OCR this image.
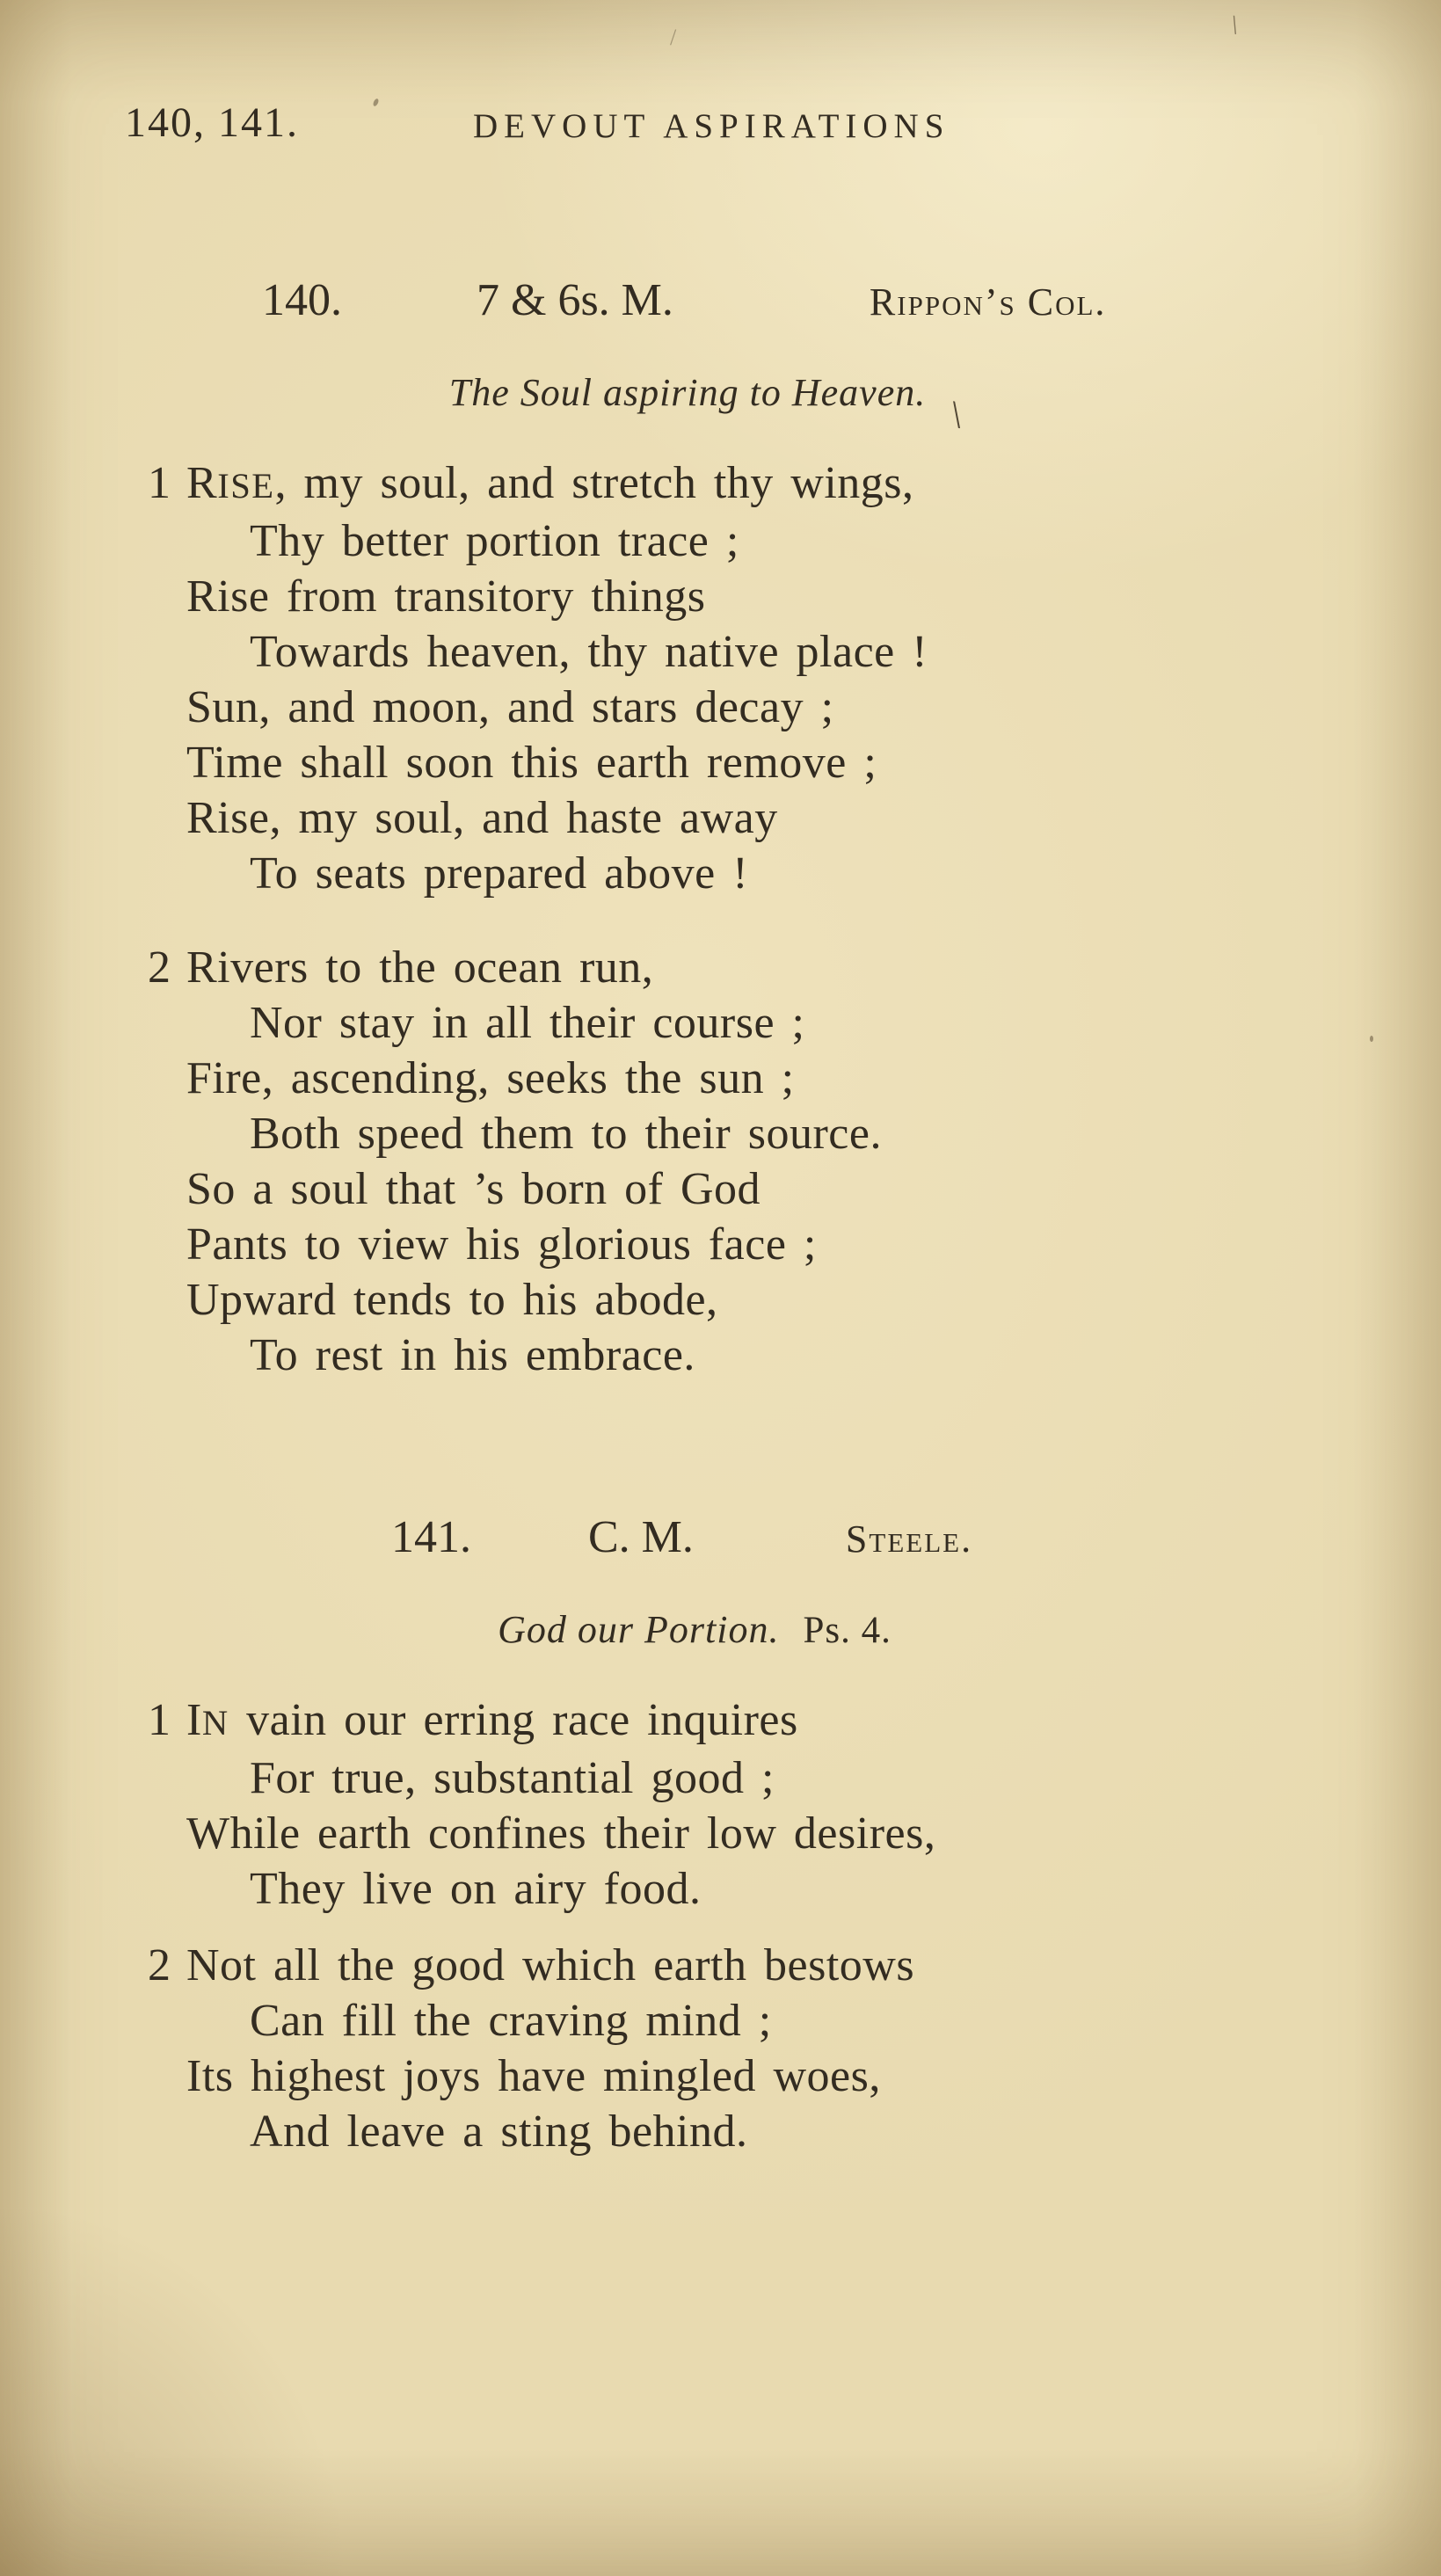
140, 141.	DEVOUT ASPIRATIONS
140.	7 & 6s. M.	Rippon’s Col.
The Soul aspiring to Heaven.
1 RISE, my soul, and stretch thy wings,
Thy better portion trace ;
Rise from transitory things
Towards heaven, thy native place !
Sun, and moon, and stars decay ;
Time shall soon this earth remove ;
Rise, my soul, and haste away
To seats prepared above !
2 Rivers to the ocean run,
Nor stay in all their course ;
Fire, ascending, seeks the sun ;
Both speed them to their source.
So a soul that ’s born of God
Pants to view his glorious face ;
Upward tends to his abode,
To rest in his embrace.
141.	C. M.	Steele.
God our Portion. Ps. 4.
1 IN vain our erring race inquires
For true, substantial good ;
While earth confines their low desires,
They live on airy food.
2 Not all the good which earth bestows
Can fill the craving mind ;
Its highest joys have mingled woes,
And leave a sting behind.
\
\
/
